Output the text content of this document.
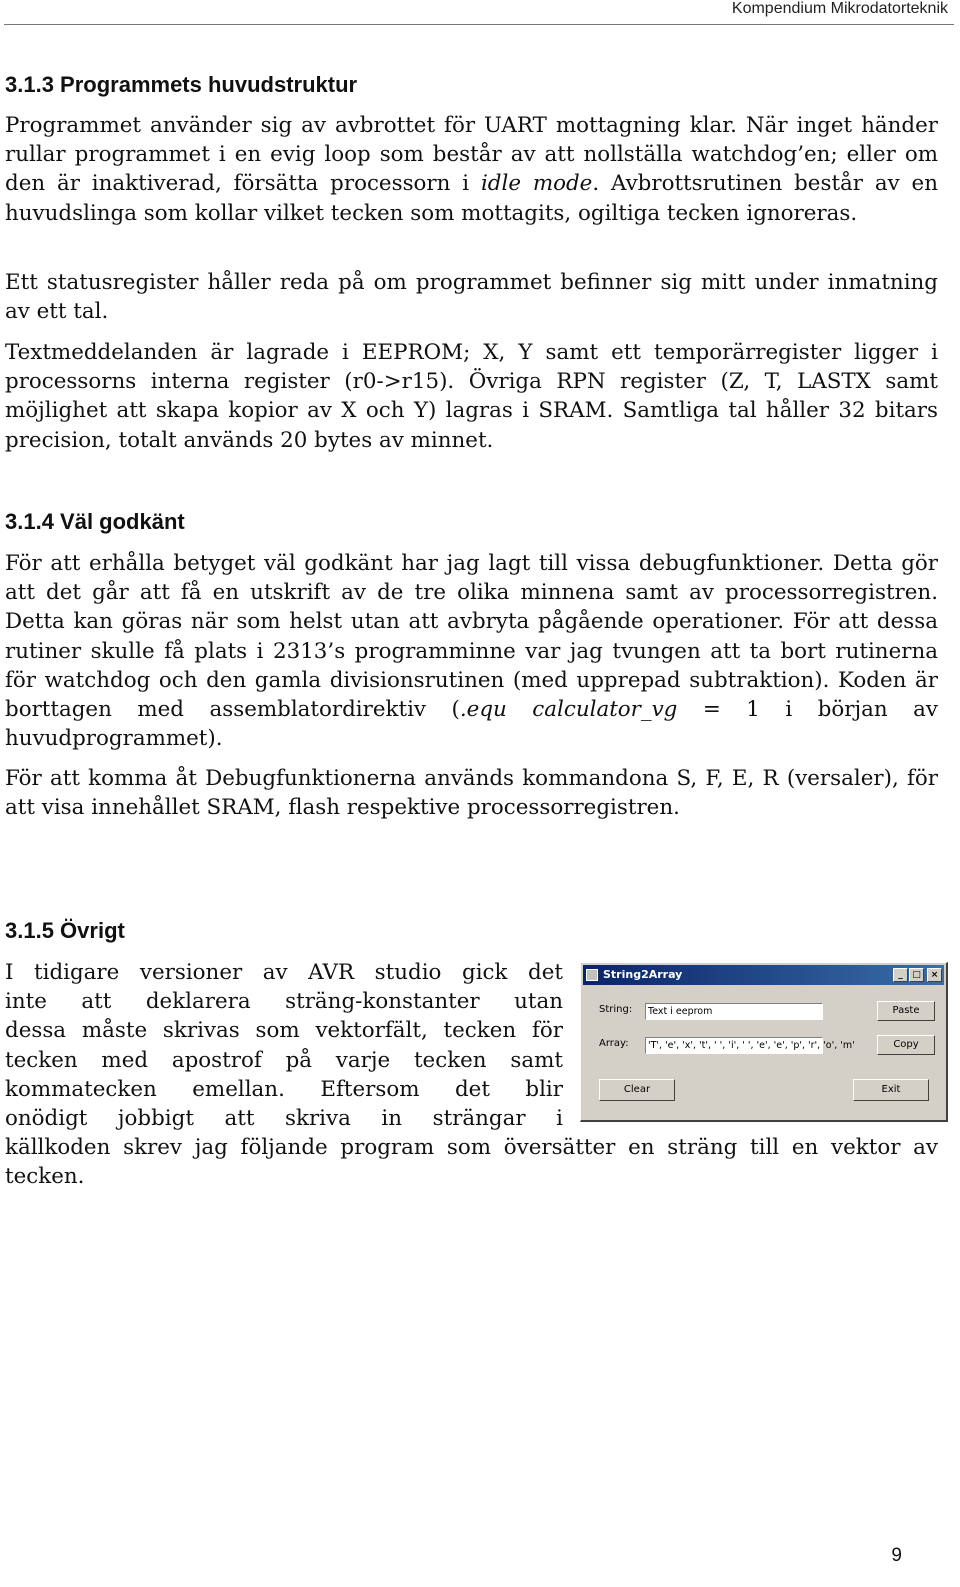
Kompendium Mikrodatorteknik
3.1.3 Programmets huvudstruktur

Programmet använder sig av avbrottet för UART mottagning klar. När inget händer rullar programmet i en evig loop som består av att nollställa watchdog’en; eller om den är inaktiverad, försätta processorn i idle mode. Avbrottsrutinen består av en huvudslinga som kollar vilket tecken som mottagits, ogiltiga tecken ignoreras.

Ett statusregister håller reda på om programmet befinner sig mitt under inmatning av ett tal.

Textmeddelanden är lagrade i EEPROM; X, Y samt ett temporärregister ligger i processorns interna register (r0->r15). Övriga RPN register (Z, T, LASTX samt möjlighet att skapa kopior av X och Y) lagras i SRAM. Samtliga tal håller 32 bitars precision, totalt används 20 bytes av minnet.

3.1.4 Väl godkänt

För att erhålla betyget väl godkänt har jag lagt till vissa debugfunktioner. Detta gör att det går att få en utskrift av de tre olika minnena samt av processorregistren. Detta kan göras när som helst utan att avbryta pågående operationer. För att dessa rutiner skulle få plats i 2313’s programminne var jag tvungen att ta bort rutinerna för watchdog och den gamla divisionsrutinen (med upprepad subtraktion). Koden är borttagen med assemblatordirektiv (.equ calculator_vg = 1 i början av huvudprogrammet).

För att komma åt Debugfunktionerna används kommandona S, F, E, R (versaler), för att visa innehållet SRAM, flash respektive processorregistren.

3.1.5 Övrigt

I tidigare versioner av AVR studio gick det

inte att deklarera sträng-konstanter utan

dessa måste skrivas som vektorfält, tecken för

tecken med apostrof på varje tecken samt

kommatecken emellan. Eftersom det blir

onödigt jobbigt att skriva in strängar i

källkoden skrev jag följande program som översätter en sträng till en vektor av tecken.

String2Array	_	□	×
String:	Text i eeprom	Paste
Array:	'T', 'e', 'x', 't', ' ', 'i', ' ', 'e', 'e', 'p', 'r', 'o', 'm'	Copy
Clear	Exit
9
